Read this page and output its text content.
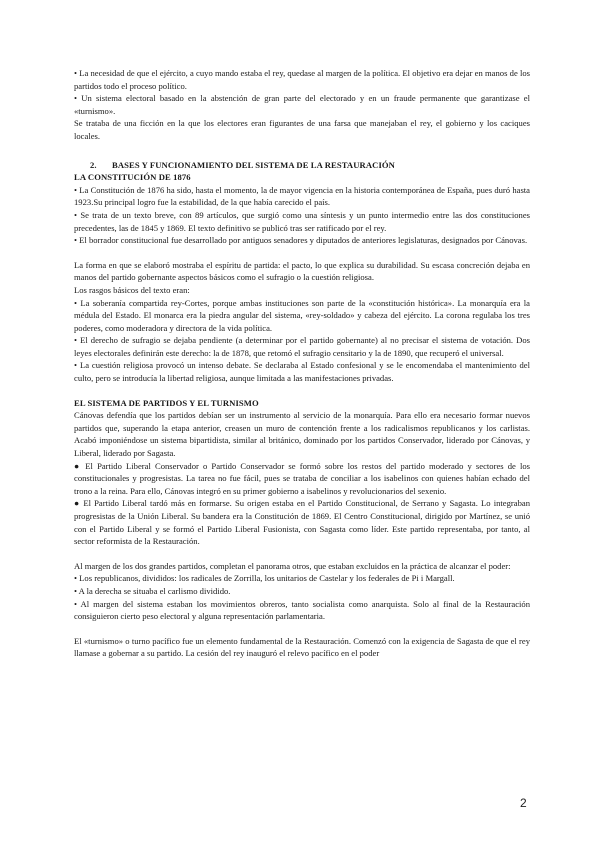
• La necesidad de que el ejército, a cuyo mando estaba el rey, quedase al margen de la política. El objetivo era dejar en manos de los partidos todo el proceso político.

• Un sistema electoral basado en la abstención de gran parte del electorado y en un fraude permanente que garantizase el «turnismo».

Se trataba de una ficción en la que los electores eran figurantes de una farsa que manejaban el rey, el gobierno y los caciques locales.

2. BASES Y FUNCIONAMIENTO DEL SISTEMA DE LA RESTAURACIÓN

LA CONSTITUCIÓN DE 1876

• La Constitución de 1876 ha sido, hasta el momento, la de mayor vigencia en la historia contemporánea de España, pues duró hasta 1923.Su principal logro fue la estabilidad, de la que había carecido el país.

• Se trata de un texto breve, con 89 artículos, que surgió como una síntesis y un punto intermedio entre las dos constituciones precedentes, las de 1845 y 1869. El texto definitivo se publicó tras ser ratificado por el rey.

• El borrador constitucional fue desarrollado por antiguos senadores y diputados de anteriores legislaturas, designados por Cánovas.

La forma en que se elaboró mostraba el espíritu de partida: el pacto, lo que explica su durabilidad. Su escasa concreción dejaba en manos del partido gobernante aspectos básicos como el sufragio o la cuestión religiosa.

Los rasgos básicos del texto eran:

• La soberanía compartida rey-Cortes, porque ambas instituciones son parte de la «constitución histórica». La monarquía era la médula del Estado. El monarca era la piedra angular del sistema, «rey-soldado» y cabeza del ejército. La corona regulaba los tres poderes, como moderadora y directora de la vida política.

• El derecho de sufragio se dejaba pendiente (a determinar por el partido gobernante) al no precisar el sistema de votación. Dos leyes electorales definirán este derecho: la de 1878, que retomó el sufragio censitario y la de 1890, que recuperó el universal.

• La cuestión religiosa provocó un intenso debate. Se declaraba al Estado confesional y se le encomendaba el mantenimiento del culto, pero se introducía la libertad religiosa, aunque limitada a las manifestaciones privadas.

EL SISTEMA DE PARTIDOS Y EL TURNISMO

Cánovas defendía que los partidos debían ser un instrumento al servicio de la monarquía. Para ello era necesario formar nuevos partidos que, superando la etapa anterior, creasen un muro de contención frente a los radicalismos republicanos y los carlistas. Acabó imponiéndose un sistema bipartidista, similar al británico, dominado por los partidos Conservador, liderado por Cánovas, y Liberal, liderado por Sagasta.

● El Partido Liberal Conservador o Partido Conservador se formó sobre los restos del partido moderado y sectores de los constitucionales y progresistas. La tarea no fue fácil, pues se trataba de conciliar a los isabelinos con quienes habían echado del trono a la reina. Para ello, Cánovas integró en su primer gobierno a isabelinos y revolucionarios del sexenio.

● El Partido Liberal tardó más en formarse. Su origen estaba en el Partido Constitucional, de Serrano y Sagasta. Lo integraban progresistas de la Unión Liberal. Su bandera era la Constitución de 1869. El Centro Constitucional, dirigido por Martínez, se unió con el Partido Liberal y se formó el Partido Liberal Fusionista, con Sagasta como líder. Este partido representaba, por tanto, al sector reformista de la Restauración.

Al margen de los dos grandes partidos, completan el panorama otros, que estaban excluidos en la práctica de alcanzar el poder:

• Los republicanos, divididos: los radicales de Zorrilla, los unitarios de Castelar y los federales de Pi i Margall.

• A la derecha se situaba el carlismo dividido.

• Al margen del sistema estaban los movimientos obreros, tanto socialista como anarquista. Solo al final de la Restauración consiguieron cierto peso electoral y alguna representación parlamentaria.

El «turnismo» o turno pacífico fue un elemento fundamental de la Restauración. Comenzó con la exigencia de Sagasta de que el rey llamase a gobernar a su partido. La cesión del rey inauguró el relevo pacífico en el poder

2
